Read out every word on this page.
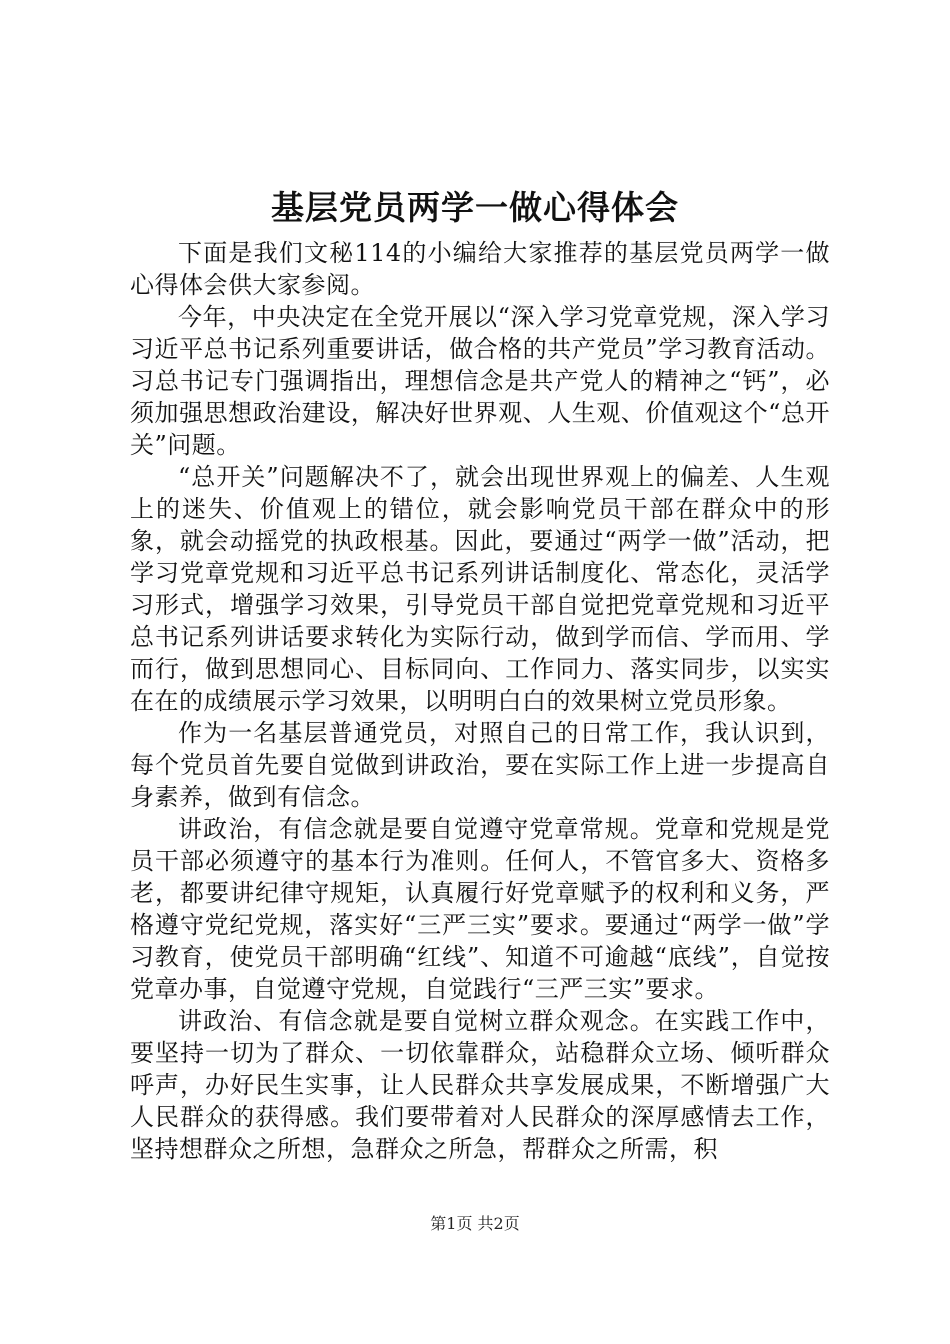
基层党员两学一做心得体会

下面是我们文秘114的小编给大家推荐的基层党员两学一做心得体会供大家参阅。

今年，中央决定在全党开展以“深入学习党章党规，深入学习习近平总书记系列重要讲话，做合格的共产党员”学习教育活动。习总书记专门强调指出，理想信念是共产党人的精神之“钙”，必须加强思想政治建设，解决好世界观、人生观、价值观这个“总开关”问题。

“总开关”问题解决不了，就会出现世界观上的偏差、人生观上的迷失、价值观上的错位，就会影响党员干部在群众中的形象，就会动摇党的执政根基。因此，要通过“两学一做”活动，把学习党章党规和习近平总书记系列讲话制度化、常态化，灵活学习形式，增强学习效果，引导党员干部自觉把党章党规和习近平总书记系列讲话要求转化为实际行动，做到学而信、学而用、学而行，做到思想同心、目标同向、工作同力、落实同步，以实实在在的成绩展示学习效果，以明明白白的效果树立党员形象。

作为一名基层普通党员，对照自己的日常工作，我认识到，每个党员首先要自觉做到讲政治，要在实际工作上进一步提高自身素养，做到有信念。

讲政治，有信念就是要自觉遵守党章常规。党章和党规是党员干部必须遵守的基本行为准则。任何人，不管官多大、资格多老，都要讲纪律守规矩，认真履行好党章赋予的权利和义务，严格遵守党纪党规，落实好“三严三实”要求。要通过“两学一做”学习教育，使党员干部明确“红线”、知道不可逾越“底线”，自觉按党章办事，自觉遵守党规，自觉践行“三严三实”要求。

讲政治、有信念就是要自觉树立群众观念。在实践工作中，要坚持一切为了群众、一切依靠群众，站稳群众立场、倾听群众呼声，办好民生实事，让人民群众共享发展成果，不断增强广大人民群众的获得感。我们要带着对人民群众的深厚感情去工作，坚持想群众之所想，急群众之所急，帮群众之所需，积

第1页 共2页
